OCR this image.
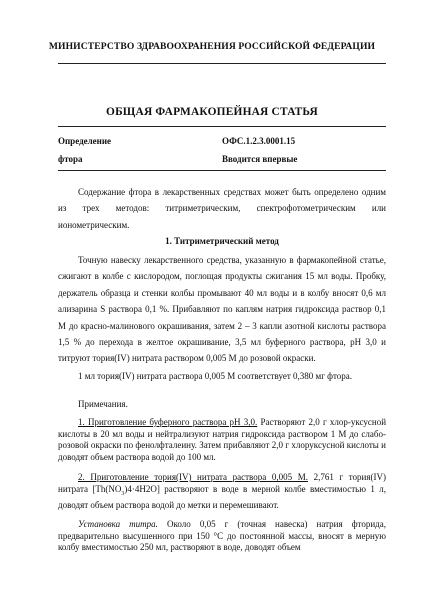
МИНИСТЕРСТВО ЗДРАВООХРАНЕНИЯ РОССИЙСКОЙ ФЕДЕРАЦИИ
ОБЩАЯ ФАРМАКОПЕЙНАЯ СТАТЬЯ
Определение	ОФС.1.2.3.0001.15
фтора	Вводится впервые

Содержание фтора в лекарственных средствах может быть определено одним из трех методов: титриметрическим, спектрофотометрическим или ионометрическим.

1. Титриметрический метод

Точную навеску лекарственного средства, указанную в фармакопейной статье, сжигают в колбе с кислородом, поглощая продукты сжигания 15 мл воды. Пробку, держатель образца и стенки колбы промывают 40 мл воды и в колбу вносят 0,6 мл ализарина S раствора 0,1 %. Прибавляют по каплям натрия гидроксида раствор 0,1 М до красно-малинового окрашивания, затем 2 – 3 капли азотной кислоты раствора 1,5 % до перехода в желтое окрашивание, 3,5 мл буферного раствора, pH 3,0 и титруют тория(IV) нитрата раствором 0,005 М до розовой окраски.

1 мл тория(IV) нитрата раствора 0,005 М соответствует 0,380 мг фтора.

Примечания.

1. Приготовление буферного раствора рН 3,0. Растворяют 2,0 г хлор-уксусной кислоты в 20 мл воды и нейтрализуют натрия гидроксида раствором 1 М до слабо-розовой окраски по фенолфталеину. Затем прибавляют 2,0 г хлоруксусной кислоты и доводят объем раствора водой до 100 мл.

2. Приготовление тория(IV) нитрата раствора 0,005 М. 2,761 г тория(IV) нитрата $[Th(NO_3)4\cdot 4H2O]$ растворяют в воде в мерной колбе вместимостью 1 л, доводят объем раствора водой до метки и перемешивают.

Установка титра. Около 0,05 г (точная навеска) натрия фторида, предварительно высушенного при 150 °С до постоянной массы, вносят в мерную колбу вместимостью 250 мл, растворяют в воде, доводят объем
